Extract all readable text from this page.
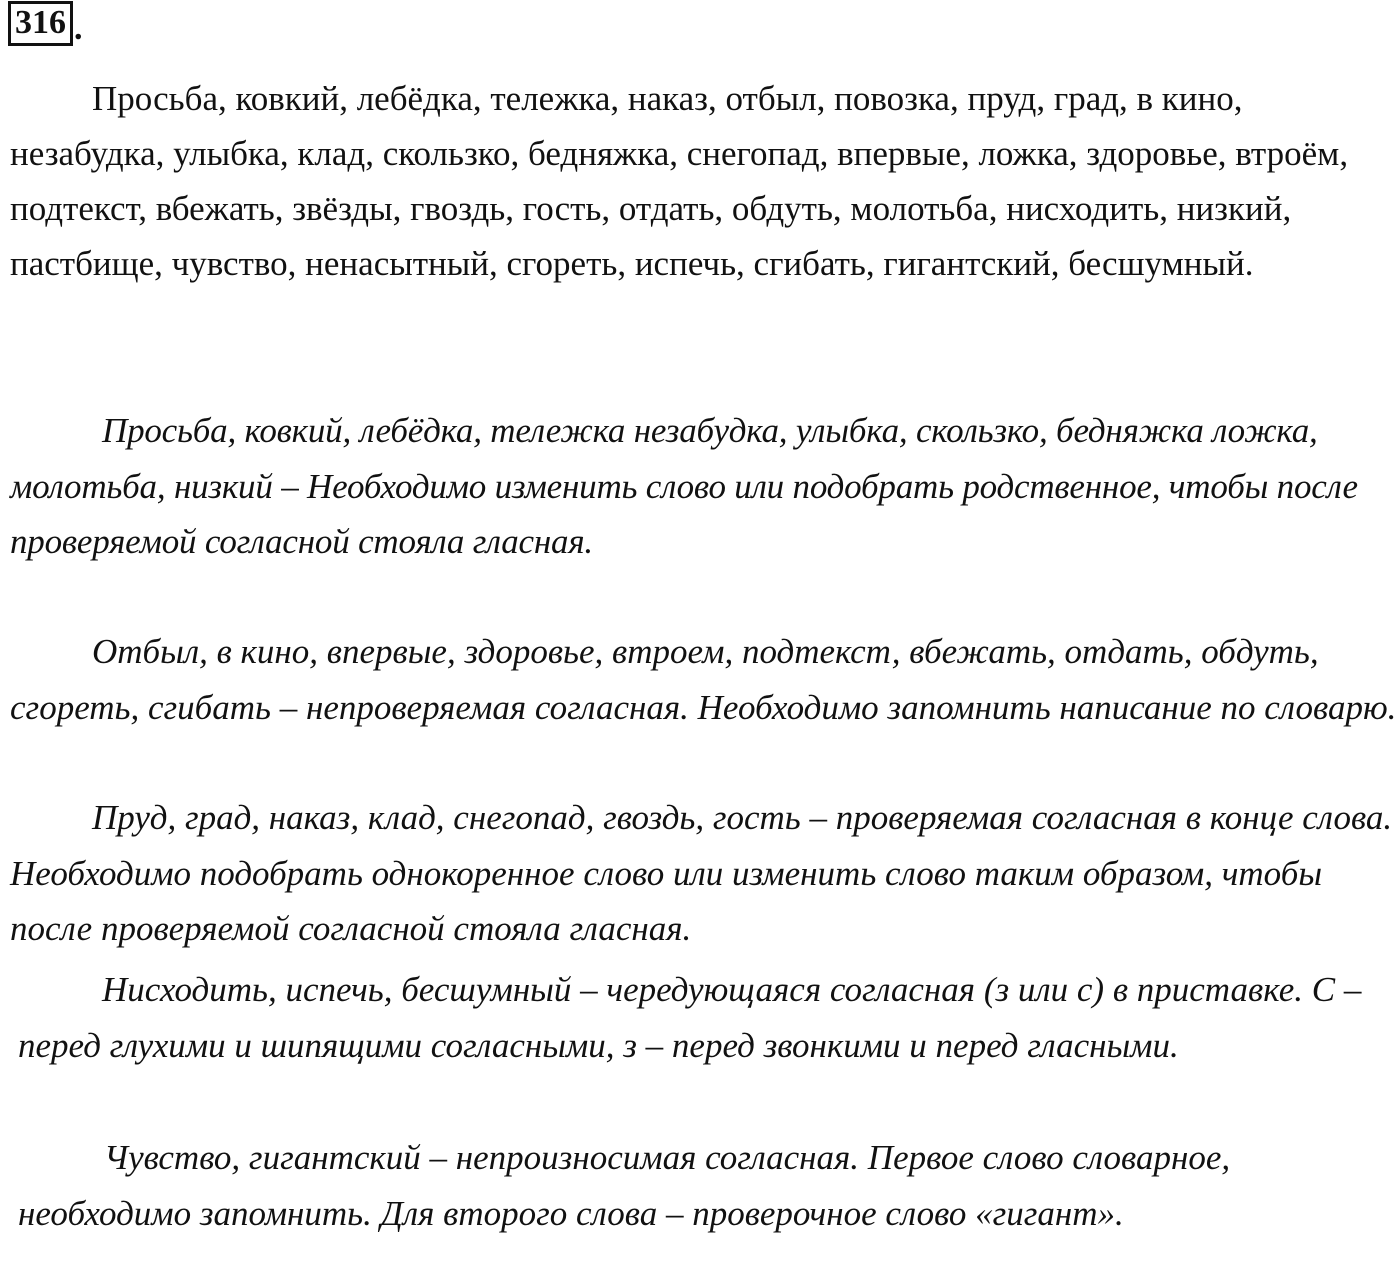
316 .

Просьба, ковкий, лебёдка, тележка, наказ, отбыл, повозка, пруд, град, в кино, незабудка, улыбка, клад, скользко, бедняжка, снегопад, впервые, ложка, здоровье, втроём, подтекст, вбежать, звёзды, гвоздь, гость, отдать, обдуть, молотьба, нисходить, низкий, пастбище, чувство, ненасытный, сгореть, испечь, сгибать, гигантский, бесшумный.

Просьба, ковкий, лебёдка, тележка незабудка, улыбка, скользко, бедняжка ложка, молотьба, низкий – Необходимо изменить слово или подобрать родственное, чтобы после проверяемой согласной стояла гласная.

Отбыл, в кино, впервые, здоровье, втроем, подтекст, вбежать, отдать, обдуть, сгореть, сгибать – непроверяемая согласная. Необходимо запомнить написание по словарю.

Пруд, град, наказ, клад, снегопад, гвоздь, гость – проверяемая согласная в конце слова. Необходимо подобрать однокоренное слово или изменить слово таким образом, чтобы после проверяемой согласной стояла гласная.

Нисходить, испечь, бесшумный – чередующаяся согласная (з или с) в приставке. С – перед глухими и шипящими согласными, з – перед звонкими и перед гласными.

Чувство, гигантский – непроизносимая согласная. Первое слово словарное, необходимо запомнить. Для второго слова – проверочное слово «гигант».
